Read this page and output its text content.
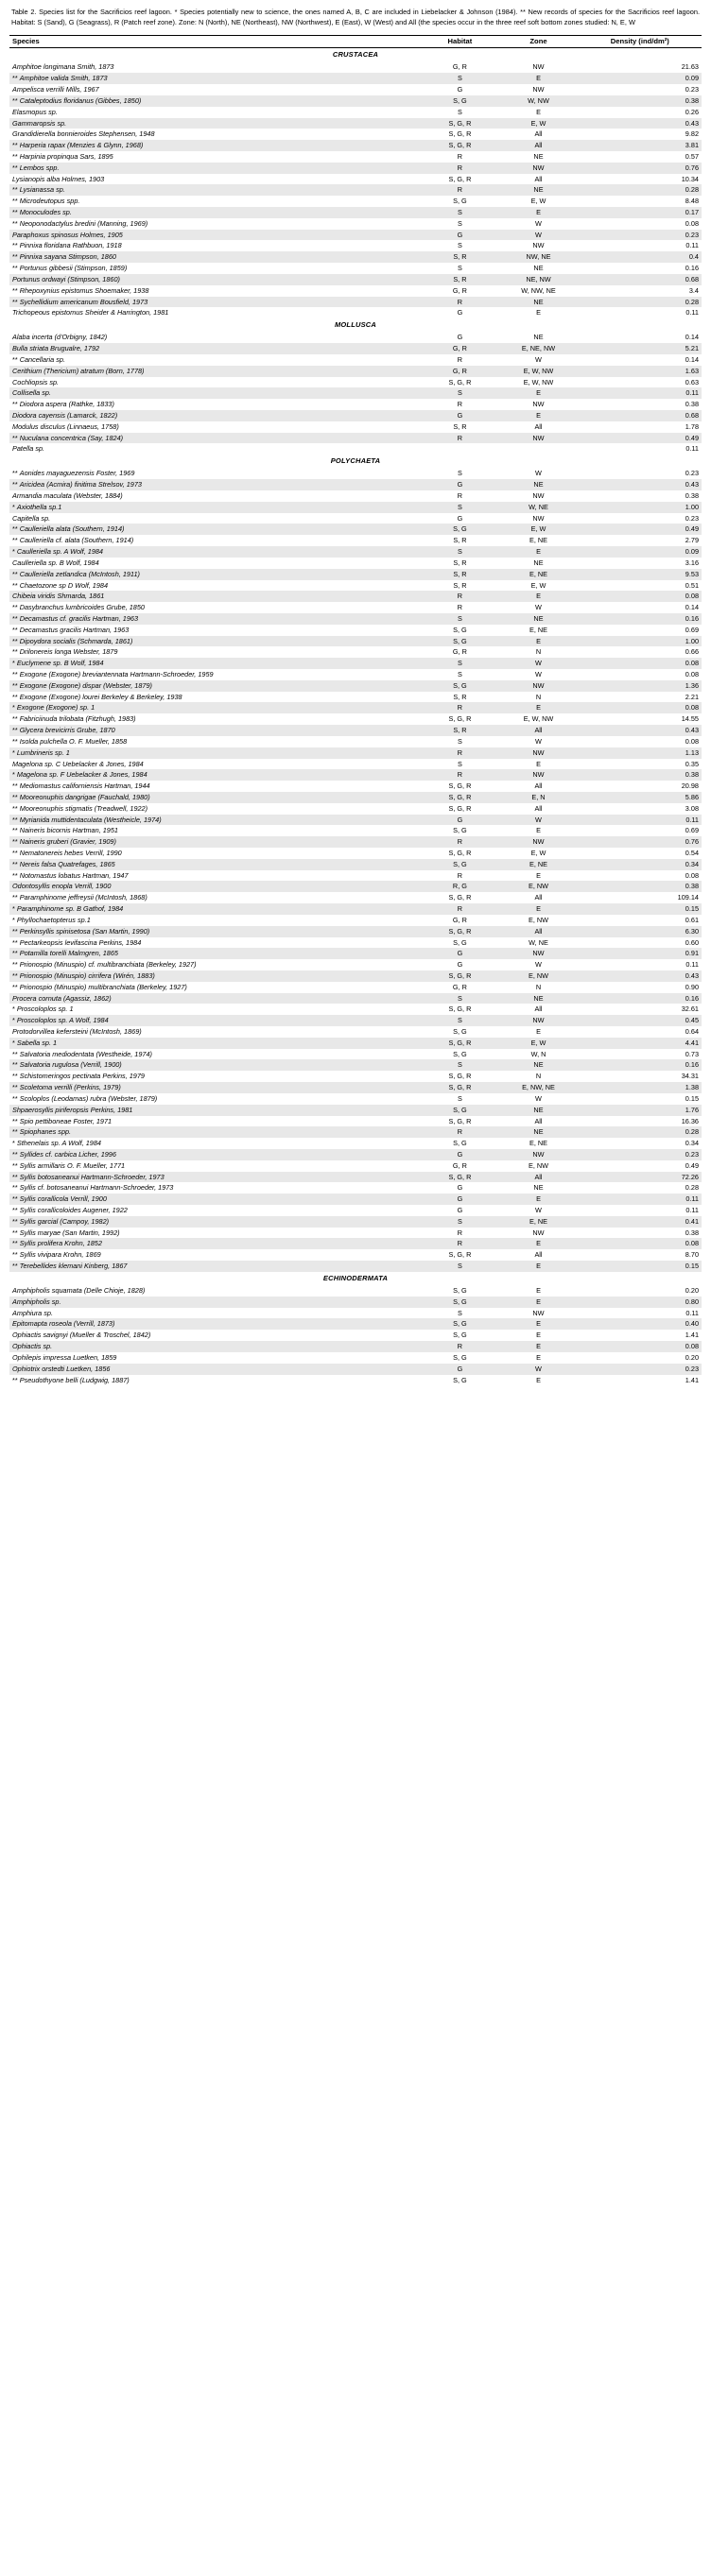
Table 2. Species list for the Sacrificios reef lagoon. * Species potentially new to science, the ones named A, B, C are included in Liebelacker & Johnson (1984). ** New records of species for the Sacrificios reef lagoon. Habitat: S (Sand), G (Seagrass), R (Patch reef zone). Zone: N (North), NE (Northeast), NW (Northwest), E (East), W (West) and All (the species occur in the three reef soft bottom zones studied: N, E, W
Species	Habitat	Zone	Density (ind/dm²)
CRUSTACEA			
Amphitoe longimana Smith, 1873	G, R	NW	21.63
** Amphitoe valida Smith, 1873	S	E	0.09
Ampelisca verrilli Mills, 1967	G	NW	0.23
** Cataleptodius floridanus (Gibbes, 1850)	S, G	W, NW	0.38
Elasmopus sp.	S	E	0.26
Gammaropsis sp.	S, G, R	E, W	0.43
Grandidierella bonnieroides Stephensen, 1948	S, G, R	All	9.82
** Harperia rapax (Menzies & Glynn, 1968)	S, G, R	All	3.81
** Harpinia propinqua Sars, 1895	R	NE	0.57
** Lembos spp.	R	NW	0.76
Lysianopis alba Holmes, 1903	S, G, R	All	10.34
** Lysianassa sp.	R	NE	0.28
** Microdeutopus spp.	S, G	E, W	8.48
** Monoculodes sp.	S	E	0.17
** Neoponodactylus bredini (Manning, 1969)	S	W	0.08
Paraphoxus spinosus Holmes, 1905	G	W	0.23
** Pinnixa floridana Rathbuon, 1918	S	NW	0.11
** Pinnixa sayana Stimpson, 1860	S, R	NW, NE	0.4
** Portunus gibbesii (Stimpson, 1859)	S	NE	0.16
Portunus ordwayi (Stimpson, 1860)	S, R	NE, NW	0.68
** Rhepoxynius epistomus Shoemaker, 1938	G, R	W, NW, NE	3.4
** Sychellidium americanum Bousfield, 1973	R	NE	0.28
Trichopeous epistomus Sheider & Harrington, 1981	G	E	0.11
MOLLUSCA			
Alaba incerta (d'Orbigny, 1842)	G	NE	0.14
Bulla striata Brugualre, 1792	G, R	E, NE, NW	5.21
** Cancellaria sp.	R	W	0.14
Cerithium (Thericium) atratum (Born, 1778)	G, R	E, W, NW	1.63
Cochliopsis sp.	S, G, R	E, W, NW	0.63
Collisella sp.	S	E	0.11
** Diodora aspera (Rathke, 1833)	R	NW	0.38
Diodora cayensis (Lamarck, 1822)	G	E	0.68
Modulus disculus (Linnaeus, 1758)	S, R	All	1.78
** Nuculana concentrica (Say, 1824)	R	NW	0.49
Patella sp.			0.11
POLYCHAETA			
** Aonides mayaguezensis Foster, 1969	S	W	0.23
** Aricidea (Acmira) finitima Strelsov, 1973	G	NE	0.43
Armandia maculata (Webster, 1884)	R	NW	0.38
* Axiothella sp.1	S	W, NE	1.00
Capitella sp.	G	NW	0.23
** Caulleriella alata (Southern, 1914)	S, G	E, W	0.49
** Caulleriella cf. alata (Southern, 1914)	S, R	E, NE	2.79
* Caulleriella sp. A Wolf, 1984	S	E	0.09
Caulleriella sp. B Wolf, 1984	S, R	NE	3.16
** Caulleriella zetlandica (McIntosh, 1911)	S, R	E, NE	9.53
** Chaetozone sp D Wolf, 1984	S, R	E, W	0.51
Chibeia viridis Shmarda, 1861	R	E	0.08
** Dasybranchus lumbricoides Grube, 1850	R	W	0.14
** Decamastus cf. gracilis Hartman, 1963	S	NE	0.16
** Decamastus gracilis Hartman, 1963	S, G	E, NE	0.69
** Dipoydora socialis (Schmarda, 1861)	S, G	E	1.00
** Drilonereis longa Webster, 1879	G, R	N	0.66
* Euclymene sp. B Wolf, 1984	S	W	0.08
** Exogone (Exogone) breviantennata Hartmann-Schroeder, 1959	S	W	0.08
** Exogone (Exogone) dispar (Webster, 1879)	S, G	NW	1.36
** Exogone (Exogone) lourei Berkeley & Berkeley, 1938	S, R	N	2.21
* Exogone (Exogone) sp. 1	R	E	0.08
** Fabriciinuda trilobata (Fitzhugh, 1983)	S, G, R	E, W, NW	14.55
** Glycera brevicirris Grube, 1870	S, R	All	0.43
** Isolda pulchella O. F. Mueller, 1858	S	W	0.08
* Lumbrineris sp. 1	R	NW	1.13
Magelona sp. C Uebelacker & Jones, 1984	S	E	0.35
* Magelona sp. F Uebelacker & Jones, 1984	R	NW	0.38
** Mediomastus californiensis Hartman, 1944	S, G, R	All	20.98
** Mooreonuphis dangrigae (Fauchald, 1980)	S, G, R	E, N	5.86
** Mooreonuphis stigmatis (Treadwell, 1922)	S, G, R	All	3.08
** Myrianida muttidentaculata (Westheicle, 1974)	G	W	0.11
** Naineris bicornis Hartman, 1951	S, G	E	0.69
** Naineris gruberi (Gravier, 1909)	R	NW	0.76
** Nematonereis hebes Verrill, 1990	S, G, R	E, W	0.54
** Nereis falsa Quatrefages, 1865	S, G	E, NE	0.34
** Notomastus lobatus Hartman, 1947	R	E	0.08
Odontosyllis enopla Verrill, 1900	R, G	E, NW	0.38
** Paramphinome jeffreysii (McIntosh, 1868)	S, G, R	All	109.14
* Paramphinome sp. B Gathof, 1984	R	E	0.15
* Phyllochaetopterus sp.1	G, R	E, NW	0.61
** Perkinsyllis spinisetosa (San Martin, 1990)	S, G, R	All	6.30
** Pectarkeopsis levifascina Perkins, 1984	S, G	W, NE	0.60
** Potamilla torelli Malmgren, 1865	G	NW	0.91
** Prionospio (Minuspio) cf. multibranchiata (Berkeley, 1927)	G	W	0.11
** Prionospio (Minuspio) cirrifera (Wirén, 1883)	S, G, R	E, NW	0.43
** Prionospio (Minuspio) multibranchiata (Berkeley, 1927)	G, R	N	0.90
Procera cornuta (Agassiz, 1862)	S	NE	0.16
* Proscoloplos sp. 1	S, G, R	All	32.61
* Proscoloplos sp. A Wolf, 1984	S	NW	0.45
Protodorvillea kefersteini (McIntosh, 1869)	S, G	E	0.64
* Sabella sp. 1	S, G, R	E, W	4.41
** Salvatoria mediodentata (Westheide, 1974)	S, G	W, N	0.73
** Salvatoria rugulosa (Verrill, 1900)	S	NE	0.16
** Schistomeringos pectinata Perkins, 1979	S, G, R	N	34.31
** Scoletoma verrilli (Perkins, 1979)	S, G, R	E, NW, NE	1.38
** Scoloplos (Leodamas) rubra (Webster, 1879)	S	W	0.15
Shpaerosyllis piriferopsis Perkins, 1981	S, G	NE	1.76
** Spio pettiboneae Foster, 1971	S, G, R	All	16.36
** Spiophanes spp.	R	NE	0.28
* Sthenelais sp. A Wolf, 1984	S, G	E, NE	0.34
** Syllides cf. carbica Licher, 1996	G	NW	0.23
** Syllis armillaris O. F. Mueller, 1771	G, R	E, NW	0.49
** Syllis botosaneanui Hartmann-Schroeder, 1973	S, G, R	All	72.26
** Syllis cf. botosaneanui Hartmann-Schroeder, 1973	G	NE	0.28
** Syllis corallicola Verrill, 1900	G	E	0.11
** Syllis corallicoloides Augener, 1922	G	W	0.11
** Syllis garcial (Campoy, 1982)	S	E, NE	0.41
** Syllis maryae (San Martin, 1992)	R	NW	0.38
** Syllis prolifera Krohn, 1852	R	E	0.08
** Syllis vivipara Krohn, 1869	S, G, R	All	8.70
** Terebellides klemani Kinberg, 1867	S	E	0.15
ECHINODERMATA			
Amphipholis squamata (Delle Chioje, 1828)	S, G	E	0.20
Amphipholis sp.	S, G	E	0.80
Amphiura sp.	S	NW	0.11
Epitomapta roseola (Verrill, 1873)	S, G	E	0.40
Ophiactis savignyi (Mueller & Troschel, 1842)	S, G	E	1.41
Ophiactis sp.	R	E	0.08
Ophilepis impressa Luetken, 1859	S, G	E	0.20
Ophiotrix orstedti Luetken, 1856	G	W	0.23
** Pseudothyone belli (Ludgwig, 1887)	S, G	E	1.41
